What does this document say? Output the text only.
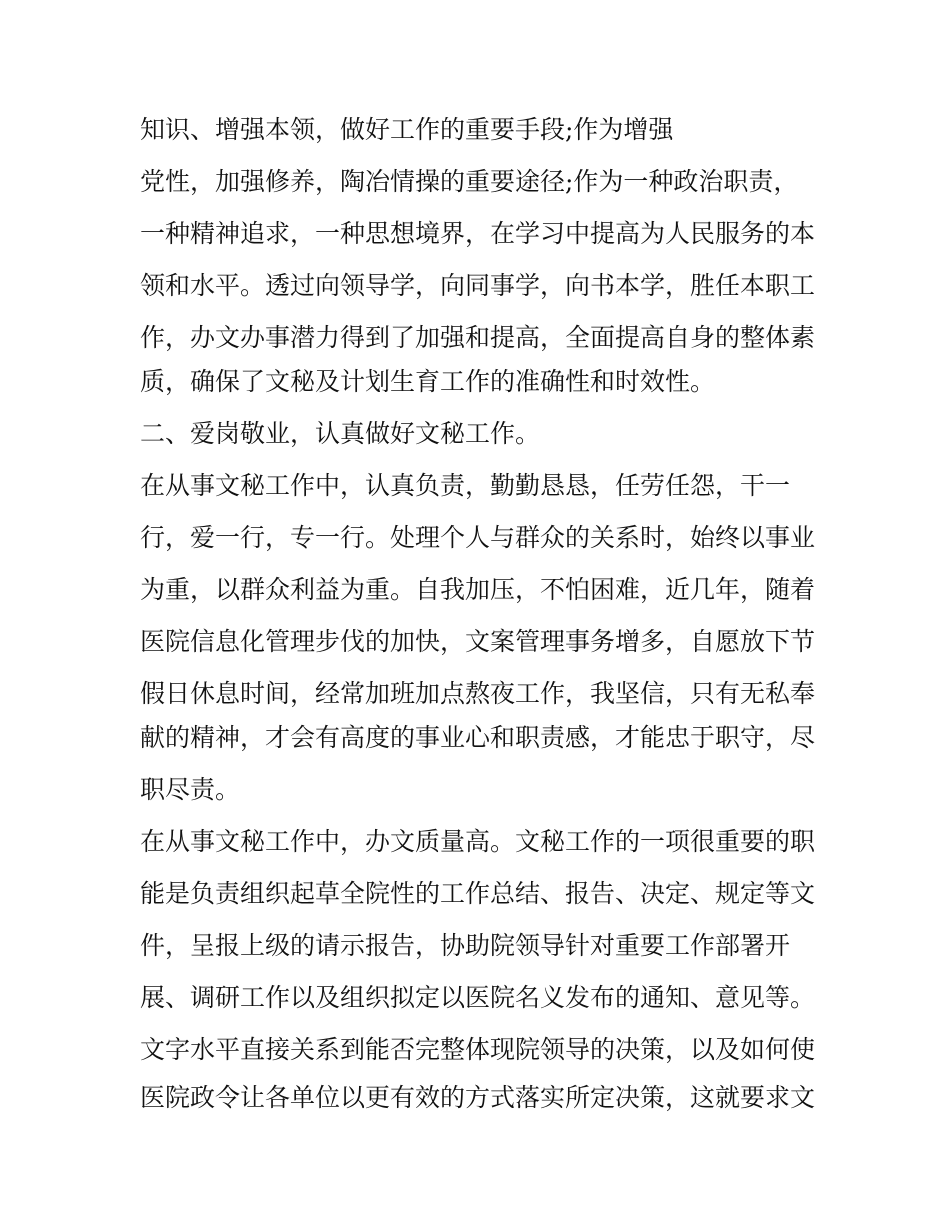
知识、增强本领，做好工作的重要手段;作为增强
党性，加强修养，陶冶情操的重要途径;作为一种政治职责，
一种精神追求，一种思想境界，在学习中提高为人民服务的本
领和水平。透过向领导学，向同事学，向书本学，胜任本职工
作，办文办事潜力得到了加强和提高，全面提高自身的整体素
质，确保了文秘及计划生育工作的准确性和时效性。
二、爱岗敬业，认真做好文秘工作。
在从事文秘工作中，认真负责，勤勤恳恳，任劳任怨，干一
行，爱一行，专一行。处理个人与群众的关系时，始终以事业
为重，以群众利益为重。自我加压，不怕困难，近几年，随着
医院信息化管理步伐的加快，文案管理事务增多，自愿放下节
假日休息时间，经常加班加点熬夜工作，我坚信，只有无私奉
献的精神，才会有高度的事业心和职责感，才能忠于职守，尽
职尽责。
在从事文秘工作中，办文质量高。文秘工作的一项很重要的职
能是负责组织起草全院性的工作总结、报告、决定、规定等文
件，呈报上级的请示报告，协助院领导针对重要工作部署开
展、调研工作以及组织拟定以医院名义发布的通知、意见等。
文字水平直接关系到能否完整体现院领导的决策，以及如何使
医院政令让各单位以更有效的方式落实所定决策，这就要求文
